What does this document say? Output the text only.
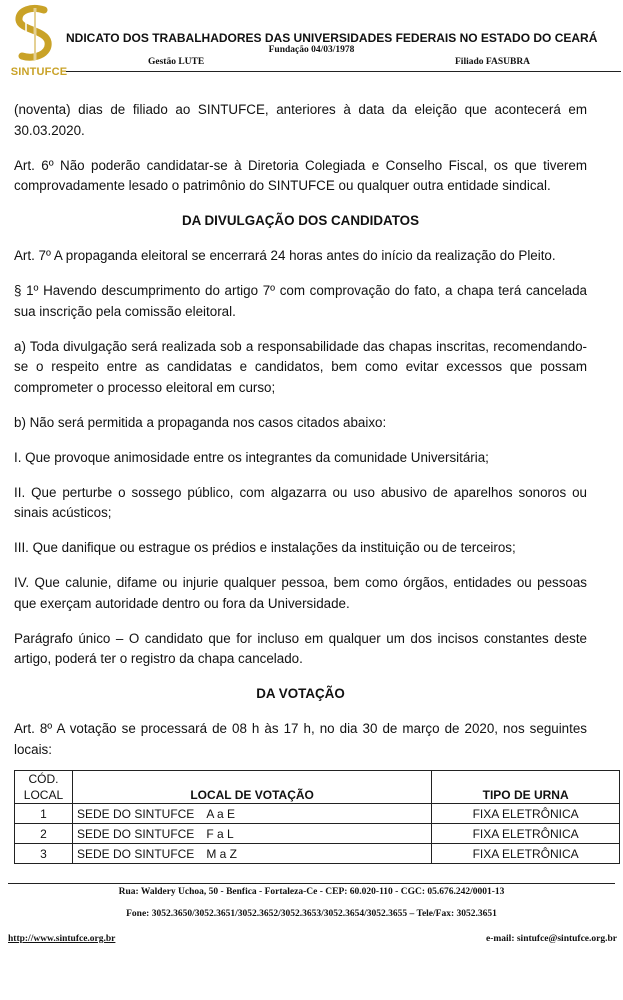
SINTUFCE
NDICATO DOS TRABALHADORES DAS UNIVERSIDADES FEDERAIS NO ESTADO DO CEARÁ
Fundação 04/03/1978
Gestão LUTE	Filiado FASUBRA

(noventa) dias de filiado ao SINTUFCE, anteriores à data da eleição que acontecerá em 30.03.2020.

Art. 6º Não poderão candidatar-se à Diretoria Colegiada e Conselho Fiscal, os que tiverem comprovadamente lesado o patrimônio do SINTUFCE ou qualquer outra entidade sindical.

DA DIVULGAÇÃO DOS CANDIDATOS

Art. 7º A propaganda eleitoral se encerrará 24 horas antes do início da realização do Pleito.

§ 1º Havendo descumprimento do artigo 7º com comprovação do fato, a chapa terá cancelada sua inscrição pela comissão eleitoral.

a) Toda divulgação será realizada sob a responsabilidade das chapas inscritas, recomendando-se o respeito entre as candidatas e candidatos, bem como evitar excessos que possam comprometer o processo eleitoral em curso;

b) Não será permitida a propaganda nos casos citados abaixo:

I. Que provoque animosidade entre os integrantes da comunidade Universitária;

II. Que perturbe o sossego público, com algazarra ou uso abusivo de aparelhos sonoros ou sinais acústicos;

III. Que danifique ou estrague os prédios e instalações da instituição ou de terceiros;

IV. Que calunie, difame ou injurie qualquer pessoa, bem como órgãos, entidades ou pessoas que exerçam autoridade dentro ou fora da Universidade.

Parágrafo único – O candidato que for incluso em qualquer um dos incisos constantes deste artigo, poderá ter o registro da chapa cancelado.

DA VOTAÇÃO

Art. 8º A votação se processará de 08 h às 17 h, no dia 30 de março de 2020, nos seguintes locais:

CÓD.
LOCAL	LOCAL DE VOTAÇÃO	TIPO DE URNA
1	SEDE DO SINTUFCE A a E	FIXA ELETRÔNICA
2	SEDE DO SINTUFCE F a L	FIXA ELETRÔNICA
3	SEDE DO SINTUFCE M a Z	FIXA ELETRÔNICA
Rua: Waldery Uchoa, 50 - Benfica - Fortaleza-Ce - CEP: 60.020-110 - CGC: 05.676.242/0001-13
Fone: 3052.3650/3052.3651/3052.3652/3052.3653/3052.3654/3052.3655 – Tele/Fax: 3052.3651
http://www.sintufce.org.br	e-mail: sintufce@sintufce.org.br
